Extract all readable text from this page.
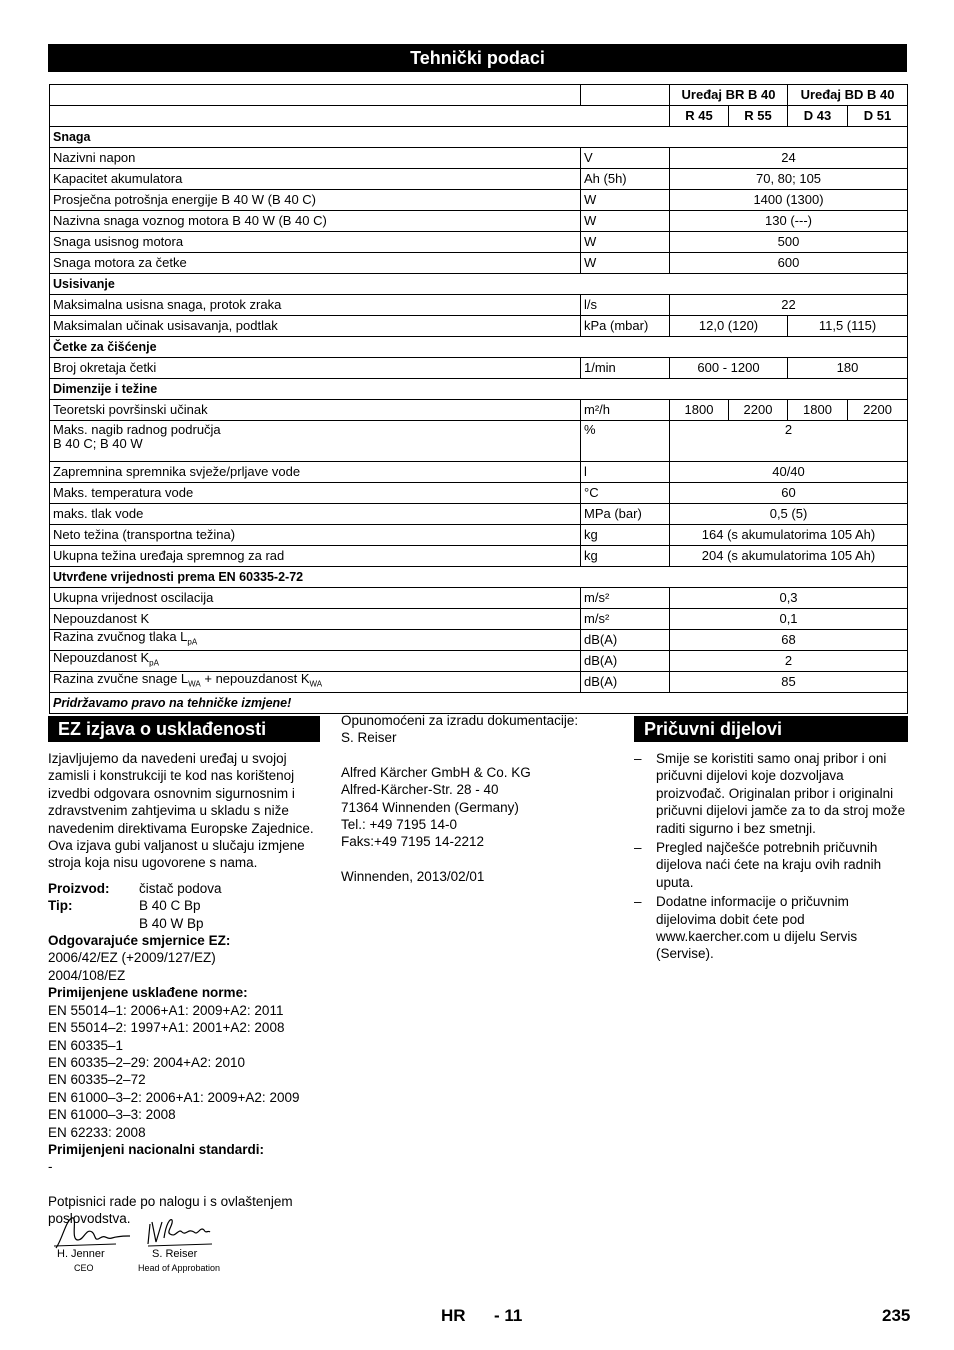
Tehnički podaci
		Uređaj BR B 40		Uređaj BD B 40	
		R 45	R 55	D 43	D 51
Snaga					
Nazivni napon	V	24			
Kapacitet akumulatora	Ah (5h)	70, 80; 105			
Prosječna potrošnja energije B 40 W (B 40 C)	W	1400 (1300)			
Nazivna snaga voznog motora B 40 W (B 40 C)	W	130 (---)			
Snaga usisnog motora	W	500			
Snaga motora za četke	W	600			
Usisivanje					
Maksimalna usisna snaga, protok zraka	l/s	22			
Maksimalan učinak usisavanja, podtlak	kPa (mbar)	12,0 (120)		11,5 (115)	
Četke za čišćenje					
Broj okretaja četki	1/min	600 - 1200		180	
Dimenzije i težine					
Teoretski površinski učinak	m²/h	1800	2200	1800	2200
Maks. nagib radnog područja
B 40 C; B 40 W	%	2			
Zapremnina spremnika svježe/prljave vode	l	40/40			
Maks. temperatura vode	°C	60			
maks. tlak vode	MPa (bar)	0,5 (5)			
Neto težina (transportna težina)	kg	164 (s akumulatorima 105 Ah)			
Ukupna težina uređaja spremnog za rad	kg	204 (s akumulatorima 105 Ah)			
Utvrđene vrijednosti prema EN 60335-2-72					
Ukupna vrijednost oscilacija	m/s²	0,3			
Nepouzdanost K	m/s²	0,1			
Razina zvučnog tlaka $L_{pA}$	dB(A)	68			
Nepouzdanost $K_{pA}$	dB(A)	2			
Razina zvučne snage $L_{WA}$ + nepouzdanost $K_{WA}$	dB(A)	85			
Pridržavamo pravo na tehničke izmjene!					
EZ izjava o usklađenosti

Izjavljujemo da navedeni uređaj u svojoj zamisli i konstrukciji te kod nas korištenoj izvedbi odgovara osnovnim sigurnosnim i zdravstvenim zahtjevima u skladu s niže navedenim direktivama Europske Zajednice. Ova izjava gubi valjanost u slučaju izmjene stroja koja nisu ugovorene s nama.

Proizvod:	čistač podova
Tip:	B 40 C Bp
B 40 W Bp

Odgovarajuće smjernice EZ:

2006/42/EZ (+2009/127/EZ)

2004/108/EZ

Primijenjene usklađene norme:

EN 55014–1: 2006+A1: 2009+A2: 2011

EN 55014–2: 1997+A1: 2001+A2: 2008

EN 60335–1

EN 60335–2–29: 2004+A2: 2010

EN 60335–2–72

EN 61000–3–2: 2006+A1: 2009+A2: 2009

EN 61000–3–3: 2008

EN 62233: 2008

Primijenjeni nacionalni standardi:

-

Potpisnici rade po nalogu i s ovlaštenjem poslovodstva.

H. Jenner
CEO
S. Reiser
Head of Approbation

Opunomoćeni za izradu dokumentacije:

S. Reiser

Alfred Kärcher GmbH & Co. KG

Alfred-Kärcher-Str. 28 - 40

71364 Winnenden (Germany)

Tel.: +49 7195 14-0

Faks:+49 7195 14-2212

Winnenden, 2013/02/01

Pričuvni dijelovi
–	Smije se koristiti samo onaj pribor i oni pričuvni dijelovi koje dozvoljava proizvođač. Originalan pribor i originalni pričuvni dijelovi jamče za to da stroj može raditi sigurno i bez smetnji.
–	Pregled najčešće potrebnih pričuvnih dijelova naći ćete na kraju ovih radnih uputa.
–	Dodatne informacije o pričuvnim dijelovima dobit ćete pod www.kaercher.com u dijelu Servis (Servise).
HR - 11	235
